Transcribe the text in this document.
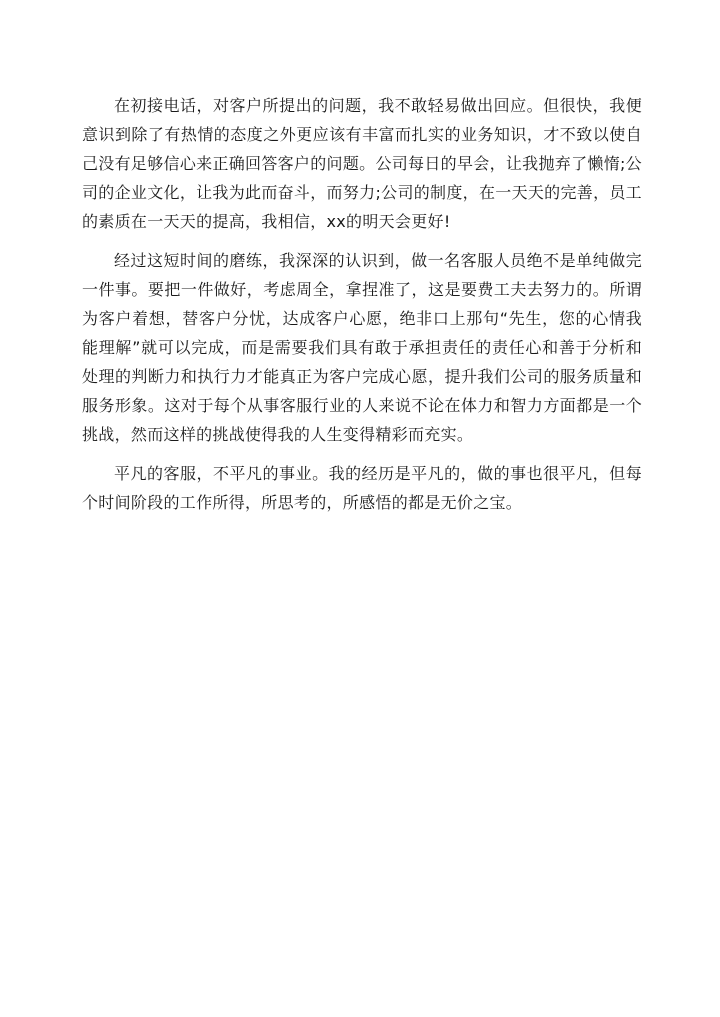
在初接电话，对客户所提出的问题，我不敢轻易做出回应。但很快，我便意识到除了有热情的态度之外更应该有丰富而扎实的业务知识，才不致以使自己没有足够信心来正确回答客户的问题。公司每日的早会，让我抛弃了懒惰;公司的企业文化，让我为此而奋斗，而努力;公司的制度，在一天天的完善，员工的素质在一天天的提高，我相信，xx的明天会更好!

经过这短时间的磨练，我深深的认识到，做一名客服人员绝不是单纯做完一件事。要把一件做好，考虑周全，拿捏准了，这是要费工夫去努力的。所谓为客户着想，替客户分忧，达成客户心愿，绝非口上那句“先生，您的心情我能理解”就可以完成，而是需要我们具有敢于承担责任的责任心和善于分析和处理的判断力和执行力才能真正为客户完成心愿，提升我们公司的服务质量和服务形象。这对于每个从事客服行业的人来说不论在体力和智力方面都是一个挑战，然而这样的挑战使得我的人生变得精彩而充实。

平凡的客服，不平凡的事业。我的经历是平凡的，做的事也很平凡，但每个时间阶段的工作所得，所思考的，所感悟的都是无价之宝。
